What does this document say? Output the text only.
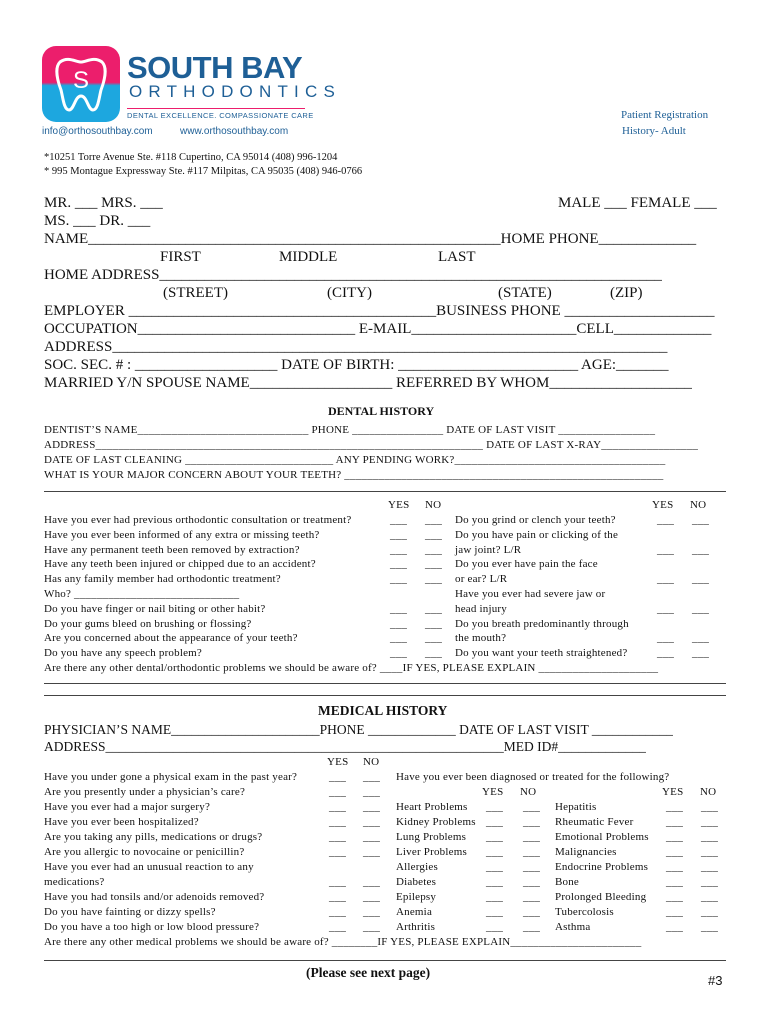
S SOUTH BAY
ORTHODONTICS
DENTAL EXCELLENCE. COMPASSIONATE CARE
info@orthosouthbay.com	www.orthosouthbay.com
Patient Registration
History- Adult
*10251 Torre Avenue Ste. #118 Cupertino, CA 95014 (408) 996-1204
* 995 Montague Expressway Ste. #117 Milpitas, CA 95035 (408) 946-0766
MR. ___ MRS. ___	MALE ___ FEMALE ___
MS. ___ DR. ___
NAME_______________________________________________________HOME PHONE_____________
FIRST	MIDDLE	LAST
HOME ADDRESS___________________________________________________________________
(STREET)	(CITY)	(STATE)	(ZIP)
EMPLOYER _________________________________________BUSINESS PHONE ____________________
OCCUPATION_____________________________ E-MAIL______________________CELL_____________
ADDRESS__________________________________________________________________________
SOC. SEC. # : ___________________ DATE OF BIRTH: ________________________ AGE:_______
MARRIED Y/N SPOUSE NAME___________________ REFERRED BY WHOM___________________
DENTAL HISTORY
DENTIST’S NAME______________________________ PHONE ________________ DATE OF LAST VISIT _________________
ADDRESS____________________________________________________________________ DATE OF LAST X-RAY_________________
DATE OF LAST CLEANING __________________________ ANY PENDING WORK?_____________________________________
WHAT IS YOUR MAJOR CONCERN ABOUT YOUR TEETH? ________________________________________________________
YES NO	YES NO
Have you ever had previous orthodontic consultation or treatment?	___ ___
Have you ever been informed of any extra or missing teeth?	___ ___
Have any permanent teeth been removed by extraction?	___ ___
Have any teeth been injured or chipped due to an accident?	___ ___
Has any family member had orthodontic treatment?	___ ___
Who? _____________________________
Do you have finger or nail biting or other habit?	___ ___
Do your gums bleed on brushing or flossing?	___ ___
Are you concerned about the appearance of your teeth?	___ ___
Do you have any speech problem?	___ ___
Do you grind or clench your teeth?	___ ___
Do you have pain or clicking of the
jaw joint? L/R	___ ___
Do you ever have pain the face
or ear? L/R	___ ___
Have you ever had severe jaw or
head injury	___ ___
Do you breath predominantly through
the mouth?	___ ___
Do you want your teeth straightened?	___ ___
Are there any other dental/orthodontic problems we should be aware of? ____IF YES, PLEASE EXPLAIN _____________________
MEDICAL HISTORY
PHYSICIAN’S NAME______________________PHONE _____________ DATE OF LAST VISIT ____________
ADDRESS___________________________________________________________MED ID#_____________
YES NO
Have you under gone a physical exam in the past year?	___ ___
Are you presently under a physician’s care?	___ ___
Have you ever had a major surgery?	___ ___
Have you ever been hospitalized?	___ ___
Are you taking any pills, medications or drugs?	___ ___
Are you allergic to novocaine or penicillin?	___ ___
Have you ever had an unusual reaction to any
medications?	___ ___
Have you had tonsils and/or adenoids removed?	___ ___
Do you have fainting or dizzy spells?	___ ___
Do you have a too high or low blood pressure?	___ ___
Have you ever been diagnosed or treated for the following?
YES NO	YES NO
Heart Problems ___ ___
Kidney Problems ___ ___
Lung Problems ___ ___
Liver Problems ___ ___
Allergies	___ ___
Diabetes	___ ___
Epilepsy	___ ___
Anemia	___ ___
Arthritis	___ ___
Hepatitis	___ ___
Rheumatic Fever	___ ___
Emotional Problems ___ ___
Malignancies	___ ___
Endocrine Problems ___ ___
Bone	___ ___
Prolonged Bleeding ___ ___
Tubercolosis	___ ___
Asthma	___ ___
Are there any other medical problems we should be aware of? ________IF YES, PLEASE EXPLAIN_______________________
(Please see next page)
#3
